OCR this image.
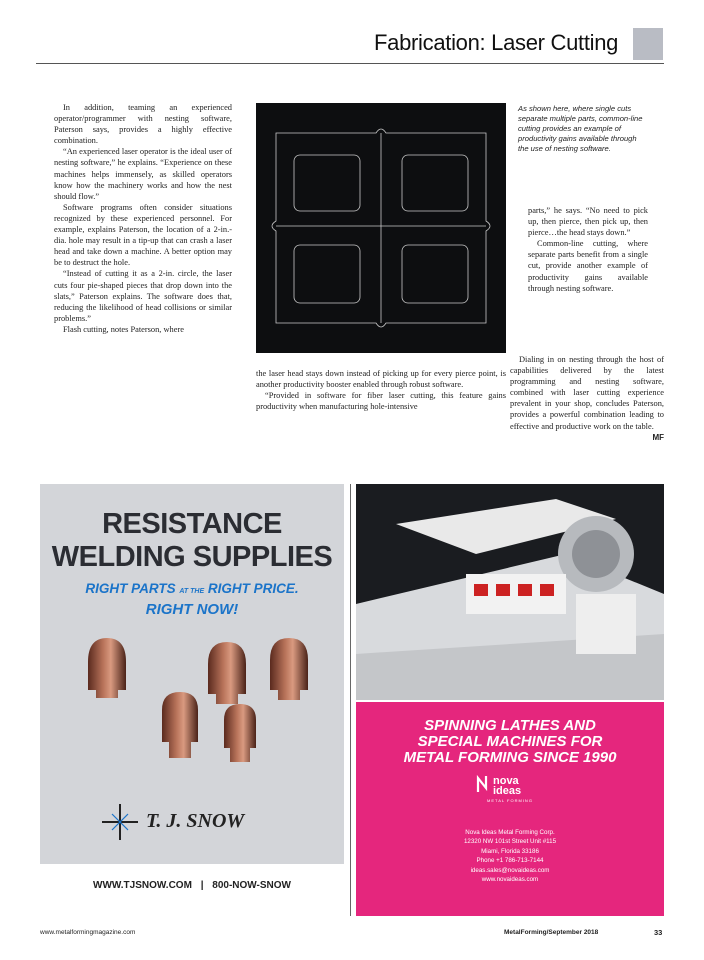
Fabrication: Laser Cutting

In addition, teaming an experienced operator/programmer with nesting software, Paterson says, provides a highly effective combination.

“An experienced laser operator is the ideal user of nesting software,” he explains. “Experience on these machines helps immensely, as skilled operators know how the machinery works and how the nest should flow.”

Software programs often consider situations recognized by these experienced personnel. For example, explains Paterson, the location of a 2-in.-dia. hole may result in a tip-up that can crash a laser head and take down a machine. A better option may be to destruct the hole.

“Instead of cutting it as a 2-in. circle, the laser cuts four pie-shaped pieces that drop down into the slats,” Paterson explains. The software does that, reducing the likelihood of head collisions or similar problems.”

Flash cutting, notes Paterson, where

the laser head stays down instead of picking up for every pierce point, is another productivity booster enabled through robust software.

“Provided in software for fiber laser cutting, this feature gains productivity when manufacturing hole-intensive

As shown here, where single cuts separate multiple parts, common-line cutting provides an example of productivity gains available through the use of nesting software.

parts,” he says. “No need to pick up, then pierce, then pick up, then pierce…the head stays down.”

Common-line cutting, where separate parts benefit from a single cut, provide another example of productivity gains available through nesting software.

Dialing in on nesting through the host of capabilities delivered by the latest programming and nesting software, combined with laser cutting experience prevalent in your shop, concludes Paterson, provides a powerful combination leading to effective and productive work on the table.
MF

RESISTANCE
WELDING SUPPLIES
RIGHT PARTS AT THE RIGHT PRICE.
RIGHT NOW!
T. J. SNOW
WWW.TJSNOW.COM | 800-NOW-SNOW
SPINNING LATHES AND
SPECIAL MACHINES FOR
METAL FORMING SINCE 1990
nova
ideas
METAL FORMING
Nova Ideas Metal Forming Corp.
12320 NW 101st Street Unit #115
Miami, Florida 33186
Phone +1 786-713-7144
ideas.sales@novaideas.com
www.novaideas.com
www.metalformingmagazine.com	MetalForming/September 2018	33
